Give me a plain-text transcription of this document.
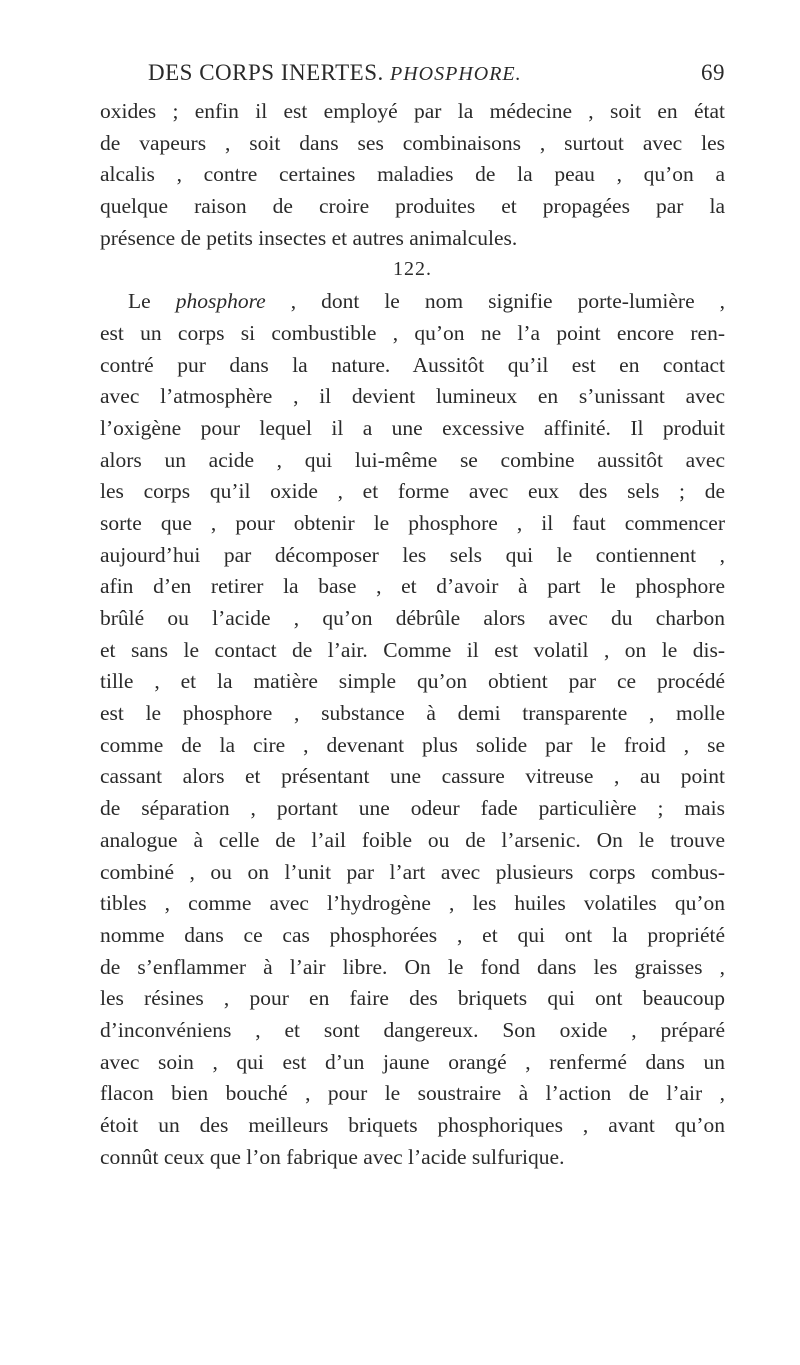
DES CORPS INERTES. PHOSPHORE.	69
oxides ; enfin il est employé par la médecine , soit en état
de vapeurs , soit dans ses combinaisons , surtout avec les
alcalis , contre certaines maladies de la peau , qu’on a
quelque raison de croire produites et propagées par la
présence de petits insectes et autres animalcules.
122.
Le phosphore , dont le nom signifie porte-lumière ,
est un corps si combustible , qu’on ne l’a point encore ren-
contré pur dans la nature. Aussitôt qu’il est en contact
avec l’atmosphère , il devient lumineux en s’unissant avec
l’oxigène pour lequel il a une excessive affinité. Il produit
alors un acide , qui lui-même se combine aussitôt avec
les corps qu’il oxide , et forme avec eux des sels ; de
sorte que , pour obtenir le phosphore , il faut commencer
aujourd’hui par décomposer les sels qui le contiennent ,
afin d’en retirer la base , et d’avoir à part le phosphore
brûlé ou l’acide , qu’on débrûle alors avec du charbon
et sans le contact de l’air. Comme il est volatil , on le dis-
tille , et la matière simple qu’on obtient par ce procédé
est le phosphore , substance à demi transparente , molle
comme de la cire , devenant plus solide par le froid , se
cassant alors et présentant une cassure vitreuse , au point
de séparation , portant une odeur fade particulière ; mais
analogue à celle de l’ail foible ou de l’arsenic. On le trouve
combiné , ou on l’unit par l’art avec plusieurs corps combus-
tibles , comme avec l’hydrogène , les huiles volatiles qu’on
nomme dans ce cas phosphorées , et qui ont la propriété
de s’enflammer à l’air libre. On le fond dans les graisses ,
les résines , pour en faire des briquets qui ont beaucoup
d’inconvéniens , et sont dangereux. Son oxide , préparé
avec soin , qui est d’un jaune orangé , renfermé dans un
flacon bien bouché , pour le soustraire à l’action de l’air ,
étoit un des meilleurs briquets phosphoriques , avant qu’on
connût ceux que l’on fabrique avec l’acide sulfurique.
